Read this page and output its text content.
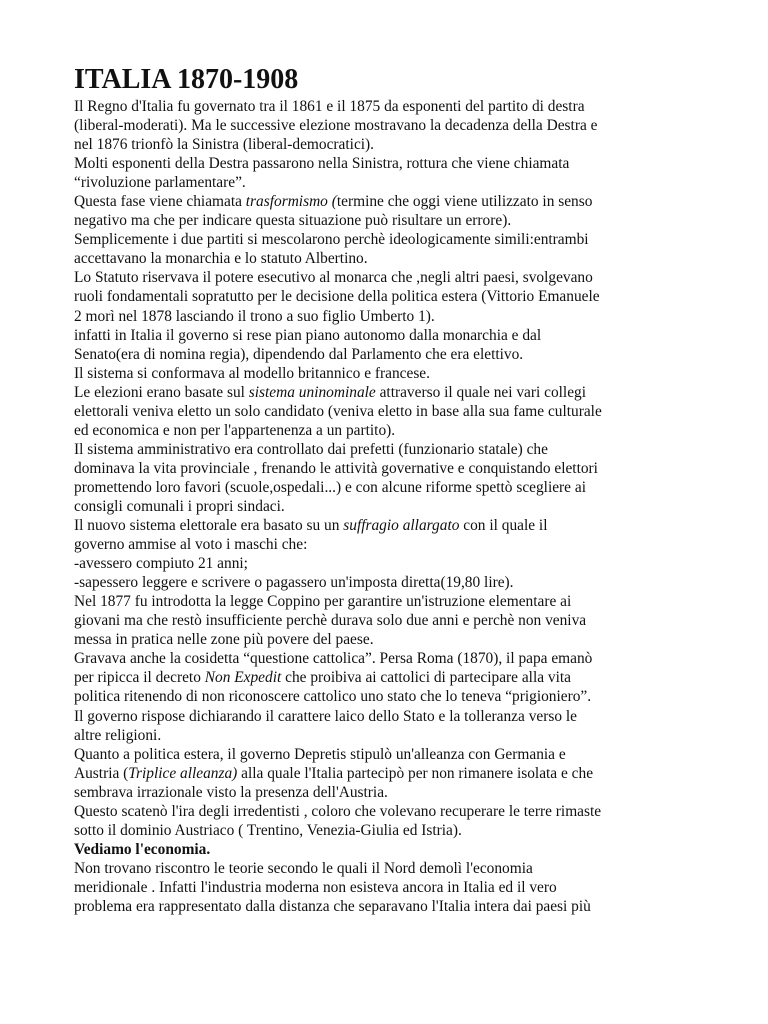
ITALIA 1870-1908

Il Regno d'Italia fu governato tra il 1861 e il 1875 da esponenti del partito di destra

(liberal-moderati). Ma le successive elezione mostravano la decadenza della Destra e

nel 1876 trionfò la Sinistra (liberal-democratici).

Molti esponenti della Destra passarono nella Sinistra, rottura che viene chiamata

“rivoluzione parlamentare”.

Questa fase viene chiamata trasformismo (termine che oggi viene utilizzato in senso

negativo ma che per indicare questa situazione può risultare un errore).

Semplicemente i due partiti si mescolarono perchè ideologicamente simili:entrambi

accettavano la monarchia e lo statuto Albertino.

Lo Statuto riservava il potere esecutivo al monarca che ,negli altri paesi, svolgevano

ruoli fondamentali sopratutto per le decisione della politica estera (Vittorio Emanuele

2 morì nel 1878 lasciando il trono a suo figlio Umberto 1).

infatti in Italia il governo si rese pian piano autonomo dalla monarchia e dal

Senato(era di nomina regia), dipendendo dal Parlamento che era elettivo.

Il sistema si conformava al modello britannico e francese.

Le elezioni erano basate sul sistema uninominale attraverso il quale nei vari collegi

elettorali veniva eletto un solo candidato (veniva eletto in base alla sua fame culturale

ed economica e non per l'appartenenza a un partito).

Il sistema amministrativo era controllato dai prefetti (funzionario statale) che

dominava la vita provinciale , frenando le attività governative e conquistando elettori

promettendo loro favori (scuole,ospedali...) e con alcune riforme spettò scegliere ai

consigli comunali i propri sindaci.

Il nuovo sistema elettorale era basato su un suffragio allargato con il quale il

governo ammise al voto i maschi che:

-avessero compiuto 21 anni;

-sapessero leggere e scrivere o pagassero un'imposta diretta(19,80 lire).

Nel 1877 fu introdotta la legge Coppino per garantire un'istruzione elementare ai

giovani ma che restò insufficiente perchè durava solo due anni e perchè non veniva

messa in pratica nelle zone più povere del paese.

Gravava anche la cosidetta “questione cattolica”. Persa Roma (1870), il papa emanò

per ripicca il decreto Non Expedit che proibiva ai cattolici di partecipare alla vita

politica ritenendo di non riconoscere cattolico uno stato che lo teneva “prigioniero”.

Il governo rispose dichiarando il carattere laico dello Stato e la tolleranza verso le

altre religioni.

Quanto a politica estera, il governo Depretis stipulò un'alleanza con Germania e

Austria (Triplice alleanza) alla quale l'Italia partecipò per non rimanere isolata e che

sembrava irrazionale visto la presenza dell'Austria.

Questo scatenò l'ira degli irredentisti , coloro che volevano recuperare le terre rimaste

sotto il dominio Austriaco ( Trentino, Venezia-Giulia ed Istria).

Vediamo l'economia.

Non trovano riscontro le teorie secondo le quali il Nord demolì l'economia

meridionale . Infatti l'industria moderna non esisteva ancora in Italia ed il vero

problema era rappresentato dalla distanza che separavano l'Italia intera dai paesi più
